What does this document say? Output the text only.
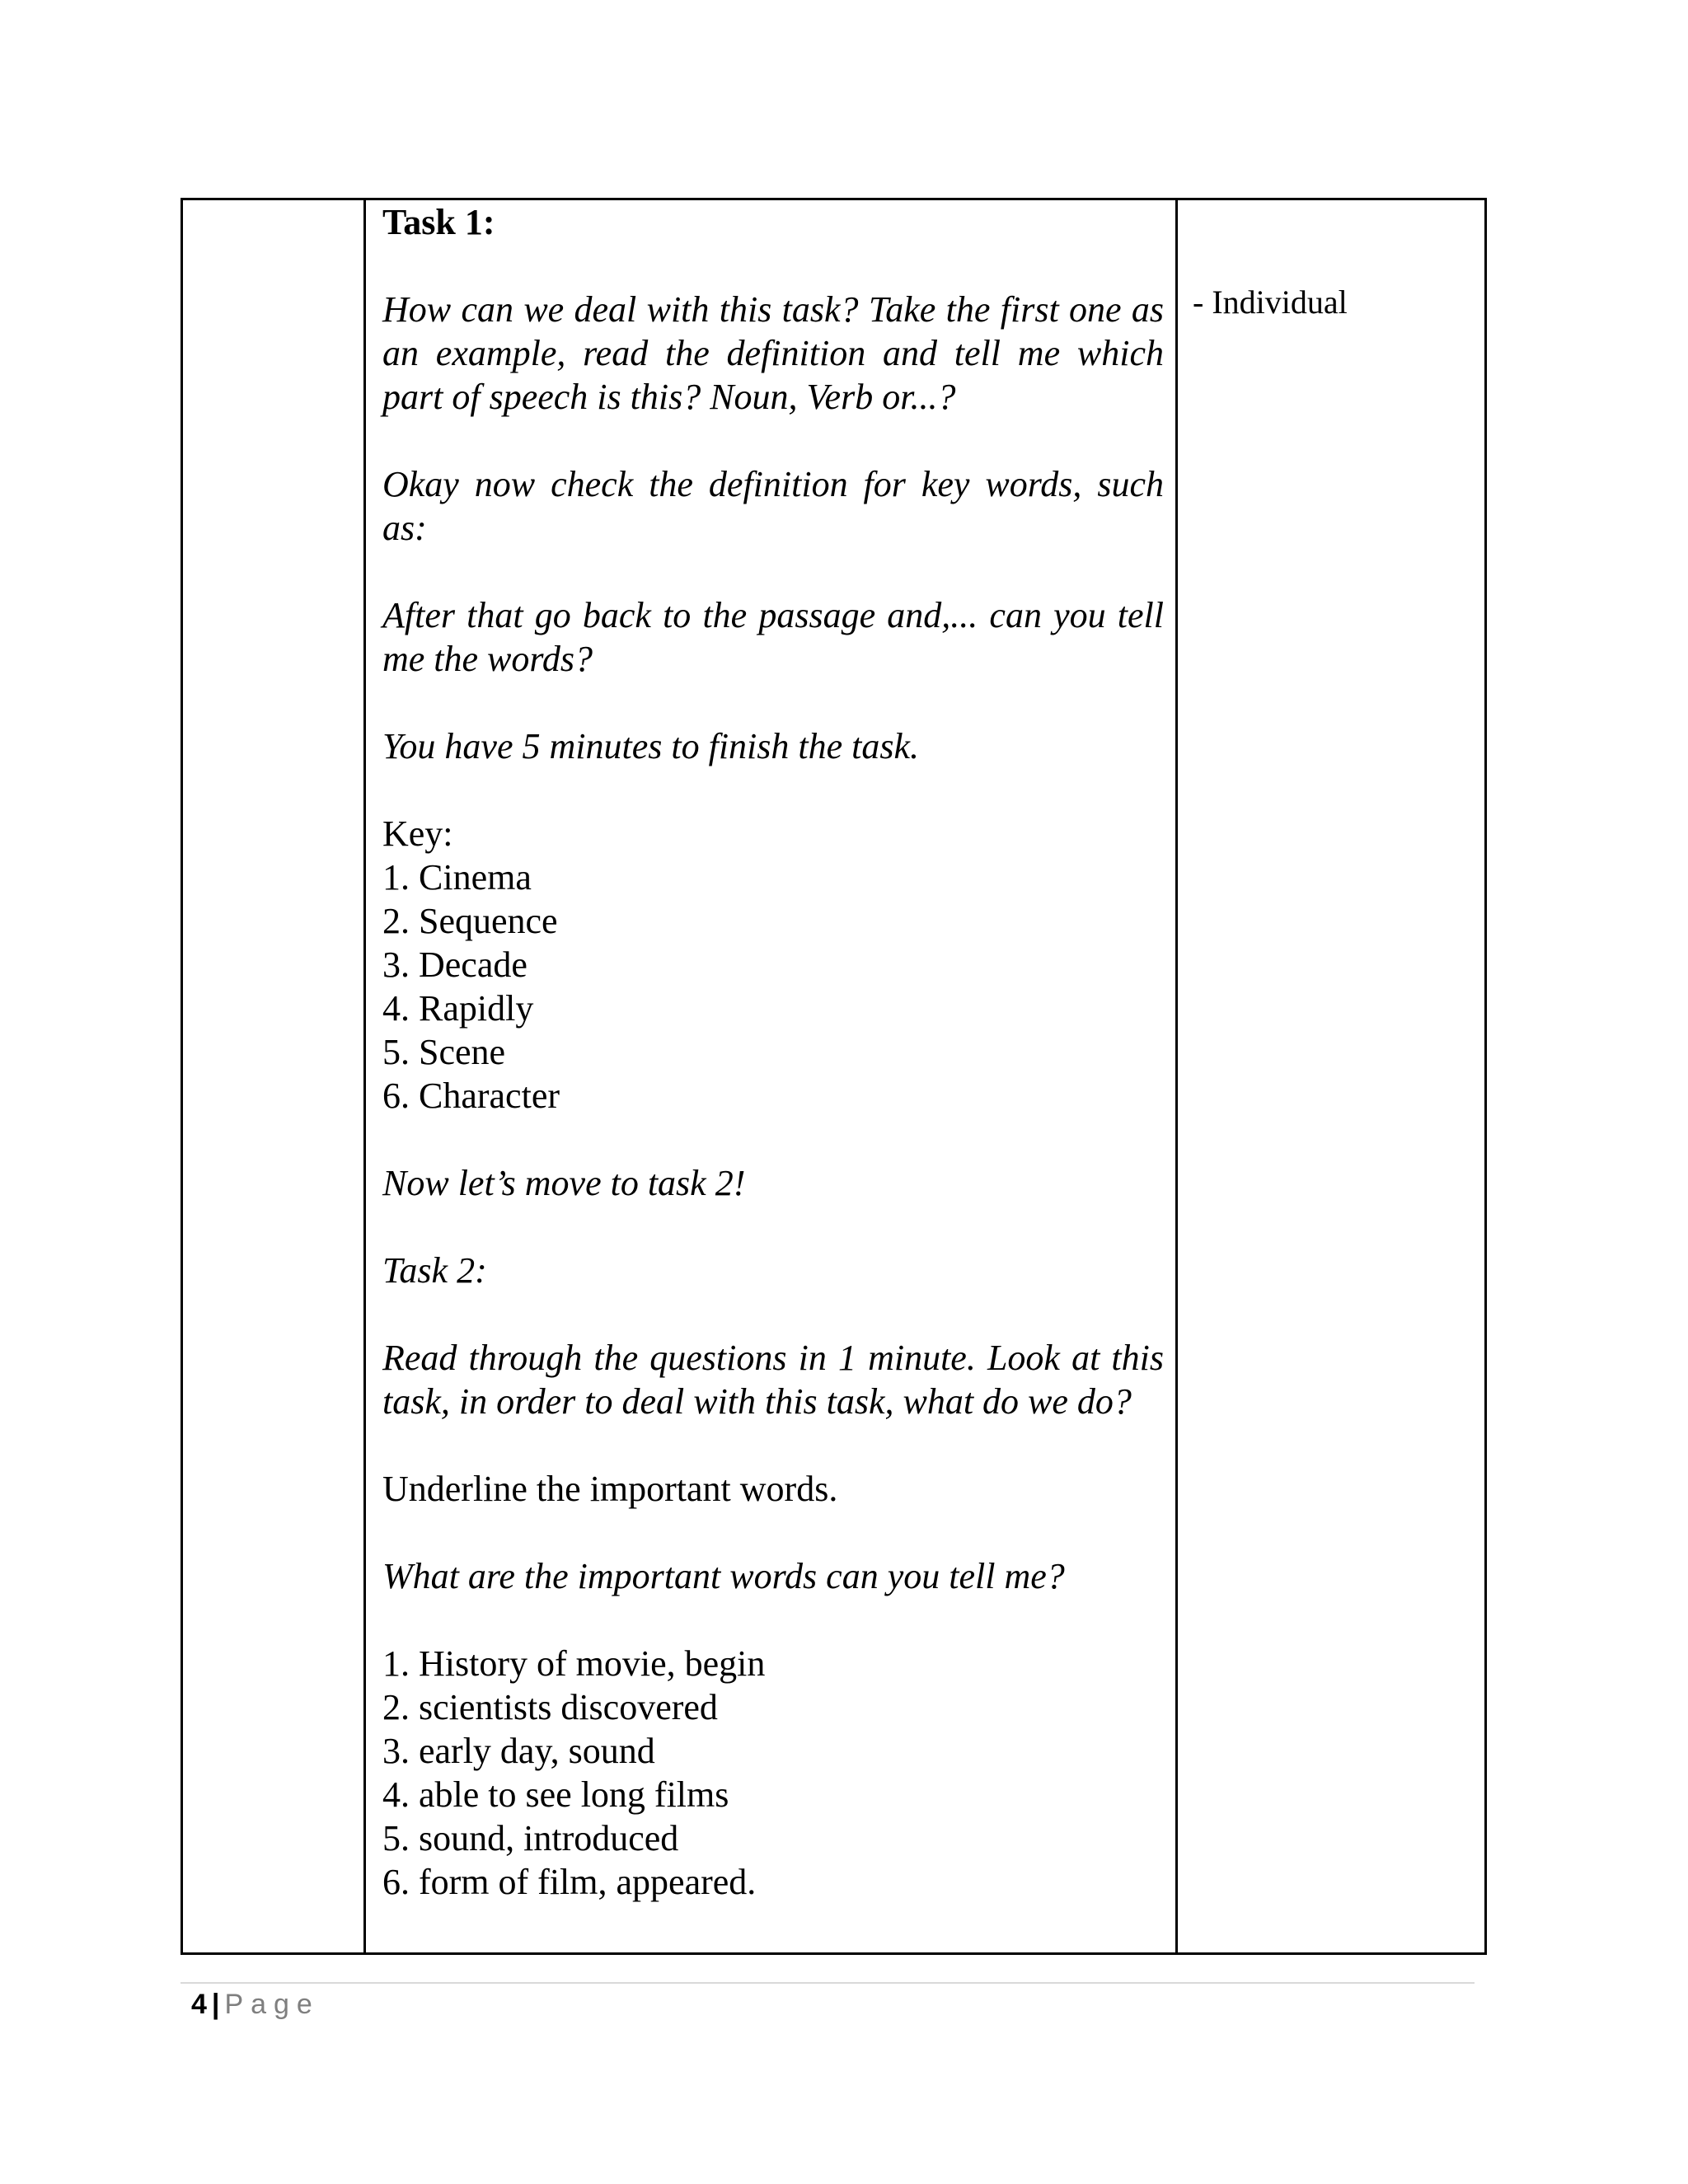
Task 1:

How can we deal with this task? Take the first one as an example, read the definition and tell me which part of speech is this? Noun, Verb or...?

Okay now check the definition for key words, such as:

After that go back to the passage and,... can you tell me the words?

You have 5 minutes to finish the task.

Key:

1. Cinema
2. Sequence
3. Decade
4. Rapidly
5. Scene
6. Character

Now let’s move to task 2!

Task 2:

Read through the questions in 1 minute. Look at this task, in order to deal with this task, what do we do?

Underline the important words.

What are the important words can you tell me?

1. History of movie, begin
2. scientists discovered
3. early day, sound
4. able to see long films
5. sound, introduced
6. form of film, appeared.
- Individual
4 | Page
